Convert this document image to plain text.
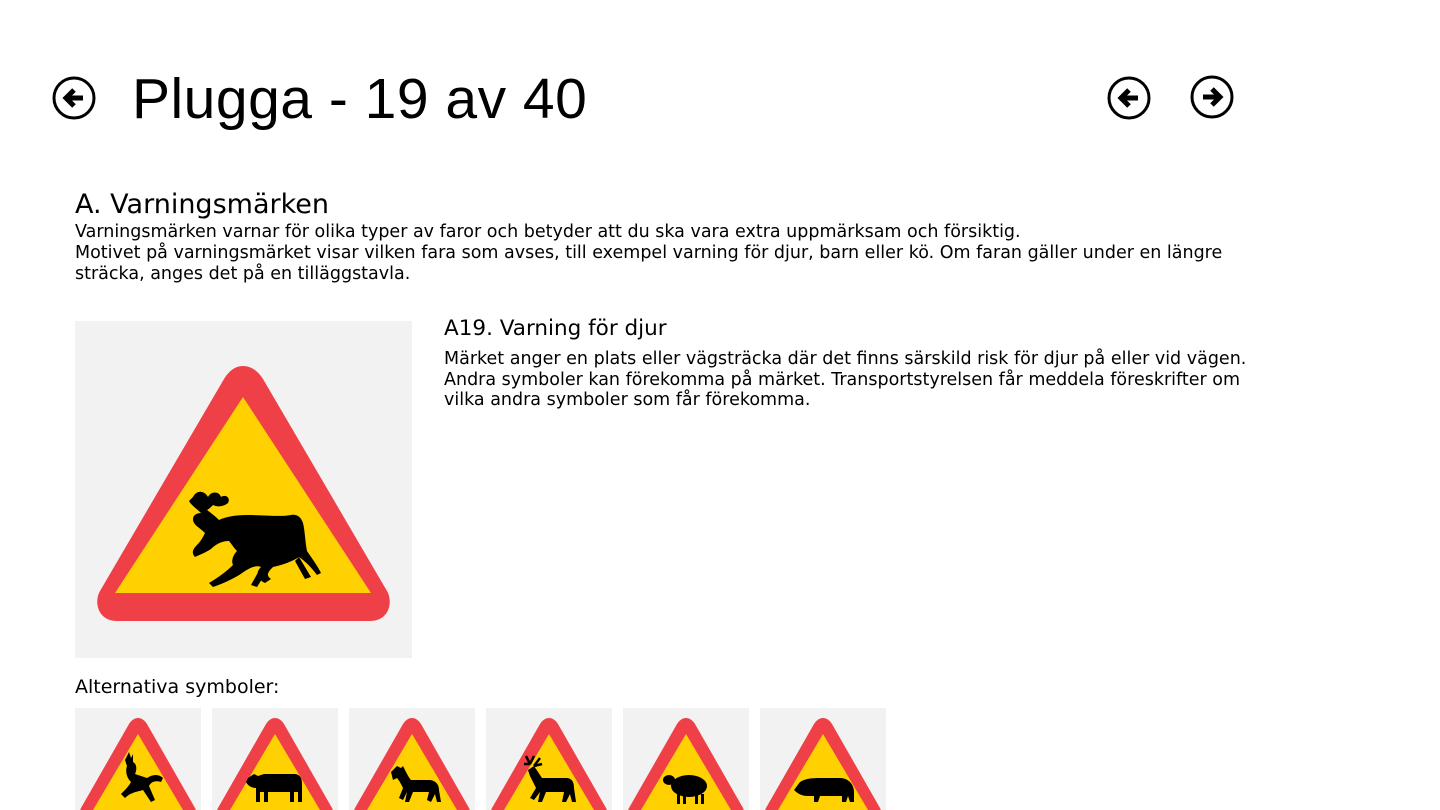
Plugga - 19 av 40
A. Varningsmärken

Varningsmärken varnar för olika typer av faror och betyder att du ska vara extra uppmärksam och försiktig.

Motivet på varningsmärket visar vilken fara som avses, till exempel varning för djur, barn eller kö. Om faran gäller under en längre sträcka, anges det på en tilläggstavla.

A19. Varning för djur

Märket anger en plats eller vägsträcka där det finns särskild risk för djur på eller vid vägen.

Andra symboler kan förekomma på märket. Transportstyrelsen får meddela föreskrifter om vilka andra symboler som får förekomma.

Alternativa symboler:
